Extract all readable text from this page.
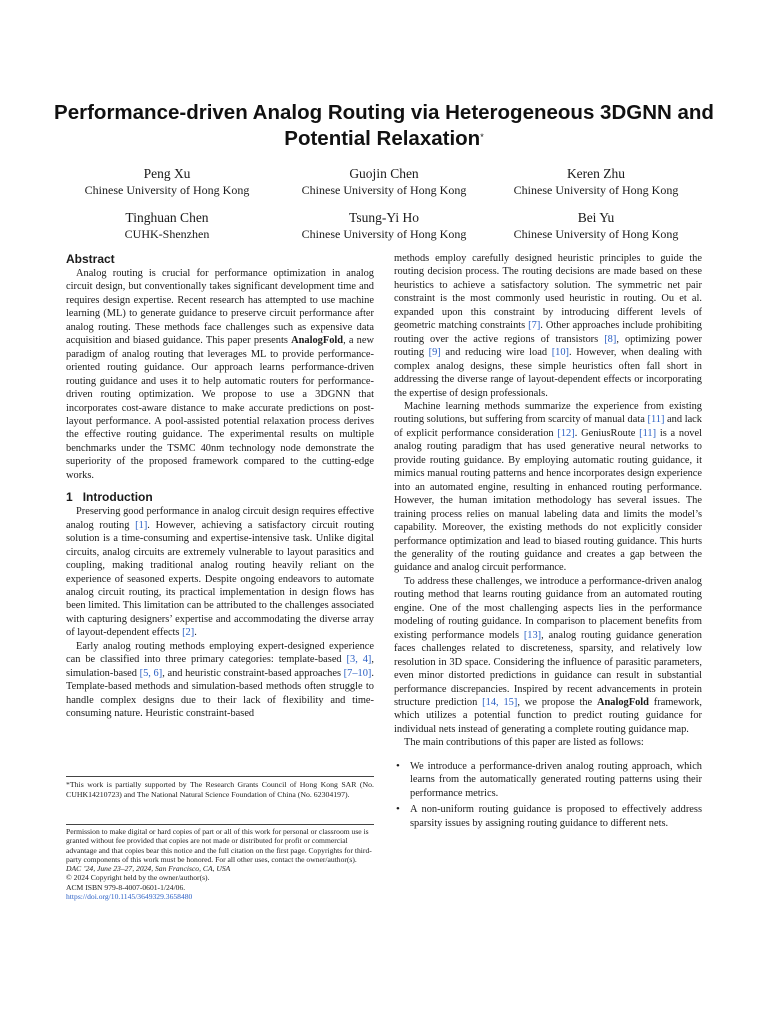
Performance-driven Analog Routing via Heterogeneous 3DGNN and Potential Relaxation*
Peng Xu
Chinese University of Hong Kong
Guojin Chen
Chinese University of Hong Kong
Keren Zhu
Chinese University of Hong Kong
Tinghuan Chen
CUHK-Shenzhen
Tsung-Yi Ho
Chinese University of Hong Kong
Bei Yu
Chinese University of Hong Kong
Abstract

Analog routing is crucial for performance optimization in analog circuit design, but conventionally takes significant development time and requires design expertise. Recent research has attempted to use machine learning (ML) to generate guidance to preserve circuit performance after analog routing. These methods face challenges such as expensive data acquisition and biased guidance. This paper presents AnalogFold, a new paradigm of analog routing that leverages ML to provide performance-oriented routing guidance. Our approach learns performance-driven routing guidance and uses it to help automatic routers for performance-driven routing optimization. We propose to use a 3DGNN that incorporates cost-aware distance to make accurate predictions on post-layout performance. A pool-assisted potential relaxation process derives the effective routing guidance. The experimental results on multiple benchmarks under the TSMC 40nm technology node demonstrate the superiority of the proposed framework compared to the cutting-edge works.

1 Introduction

Preserving good performance in analog circuit design requires effective analog routing [1]. However, achieving a satisfactory circuit routing solution is a time-consuming and expertise-intensive task. Unlike digital circuits, analog circuits are extremely vulnerable to layout parasitics and coupling, making traditional analog routing heavily reliant on the experience of seasoned experts. Despite ongoing endeavors to automate analog circuit routing, its practical implementation in design flows has been limited. This limitation can be attributed to the challenges associated with capturing designers’ expertise and accommodating the diverse array of layout-dependent effects [2].

Early analog routing methods employing expert-designed experience can be classified into three primary categories: template-based [3, 4], simulation-based [5, 6], and heuristic constraint-based approaches [7–10]. Template-based methods and simulation-based methods often struggle to handle complex designs due to their lack of flexibility and time-consuming nature. Heuristic constraint-based

*This work is partially supported by The Research Grants Council of Hong Kong SAR (No. CUHK14210723) and The National Natural Science Foundation of China (No. 62304197).
Permission to make digital or hard copies of part or all of this work for personal or classroom use is granted without fee provided that copies are not made or distributed for profit or commercial advantage and that copies bear this notice and the full citation on the first page. Copyrights for third-party components of this work must be honored. For all other uses, contact the owner/author(s).
DAC ’24, June 23–27, 2024, San Francisco, CA, USA
© 2024 Copyright held by the owner/author(s).
ACM ISBN 979-8-4007-0601-1/24/06.
https://doi.org/10.1145/3649329.3658480

methods employ carefully designed heuristic principles to guide the routing decision process. The routing decisions are made based on these heuristics to achieve a satisfactory solution. The symmetric net pair constraint is the most commonly used heuristic in routing. Ou et al. expanded upon this constraint by introducing different levels of geometric matching constraints [7]. Other approaches include prohibiting routing over the active regions of transistors [8], optimizing power routing [9] and reducing wire load [10]. However, when dealing with complex analog designs, these simple heuristics often fall short in addressing the diverse range of layout-dependent effects or incorporating the expertise of design professionals.

Machine learning methods summarize the experience from existing routing solutions, but suffering from scarcity of manual data [11] and lack of explicit performance consideration [12]. GeniusRoute [11] is a novel analog routing paradigm that has used generative neural networks to provide routing guidance. By employing automatic routing guidance, it mimics manual routing patterns and hence incorporates design experience into an automated engine, resulting in enhanced routing performance. However, the human imitation methodology has several issues. The training process relies on manual labeling data and limits the model’s capability. Moreover, the existing methods do not explicitly consider performance optimization and lead to biased routing guidance. This hurts the generality of the routing guidance and creates a gap between the guidance and analog circuit performance.

To address these challenges, we introduce a performance-driven analog routing method that learns routing guidance from an automated routing engine. One of the most challenging aspects lies in the performance modeling of routing guidance. In comparison to placement benefits from existing performance models [13], analog routing guidance generation faces challenges related to discreteness, sparsity, and relatively low resolution in 3D space. Considering the influence of parasitic parameters, even minor distorted predictions in guidance can result in substantial performance discrepancies. Inspired by recent advancements in protein structure prediction [14, 15], we propose the AnalogFold framework, which utilizes a potential function to predict routing guidance for individual nets instead of generating a complete routing guidance map.

The main contributions of this paper are listed as follows:

• We introduce a performance-driven analog routing approach, which learns from the automatically generated routing patterns using their performance metrics.
• A non-uniform routing guidance is proposed to effectively address sparsity issues by assigning routing guidance to different nets.
